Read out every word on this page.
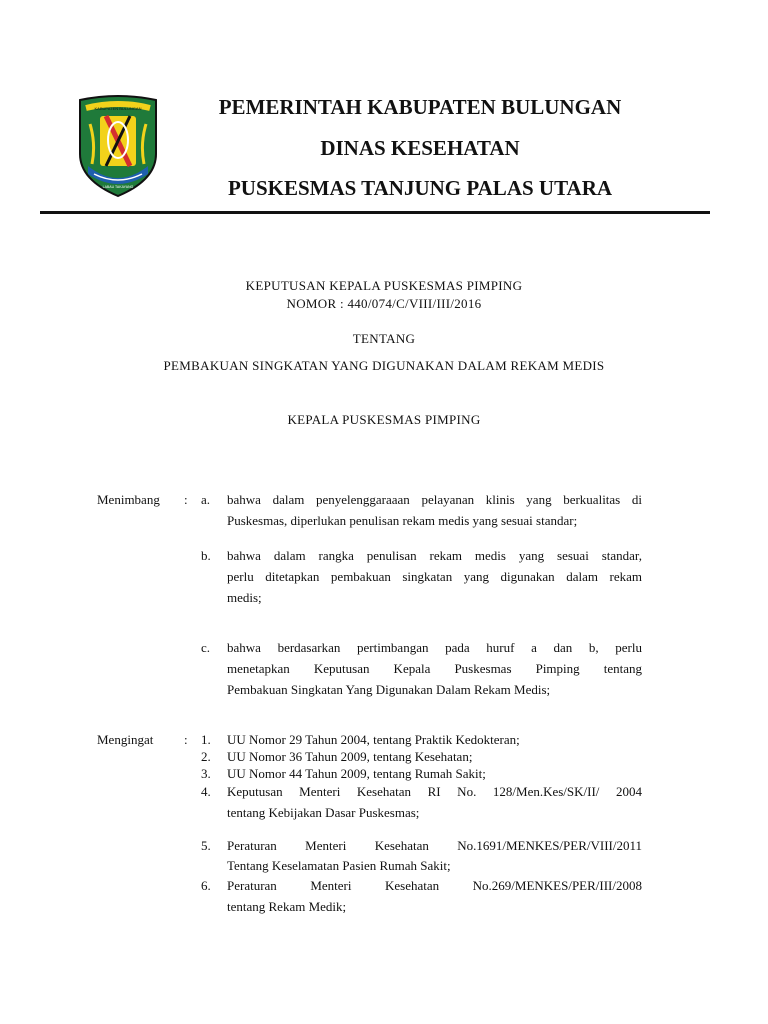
KABUPATEN BULUNGAN
LABAU TAKAYANG
PEMERINTAH KABUPATEN BULUNGAN
DINAS KESEHATAN
PUSKESMAS TANJUNG PALAS UTARA
KEPUTUSAN KEPALA PUSKESMAS PIMPING
NOMOR : 440/074/C/VIII/III/2016
TENTANG
PEMBAKUAN SINGKATAN YANG DIGUNAKAN DALAM REKAM MEDIS
KEPALA PUSKESMAS PIMPING
Menimbang : a. bahwa dalam penyelenggaraaan pelayanan klinis yang berkualitas di
Puskesmas, diperlukan penulisan rekam medis yang sesuai standar;
b. bahwa dalam rangka penulisan rekam medis yang sesuai standar,
perlu ditetapkan pembakuan singkatan yang digunakan dalam rekam
medis;
c. bahwa berdasarkan pertimbangan pada huruf a dan b, perlu
menetapkan Keputusan Kepala Puskesmas Pimping tentang
Pembakuan Singkatan Yang Digunakan Dalam Rekam Medis;
Mengingat : 1. UU Nomor 29 Tahun 2004, tentang Praktik Kedokteran;
2. UU Nomor 36 Tahun 2009, tentang Kesehatan;
3. UU Nomor 44 Tahun 2009, tentang Rumah Sakit;
4. Keputusan Menteri Kesehatan RI No. 128/Men.Kes/SK/II/ 2004
tentang Kebijakan Dasar Puskesmas;
5. Peraturan Menteri Kesehatan No.1691/MENKES/PER/VIII/2011
Tentang Keselamatan Pasien Rumah Sakit;
6. Peraturan Menteri Kesehatan No.269/MENKES/PER/III/2008
tentang Rekam Medik;
